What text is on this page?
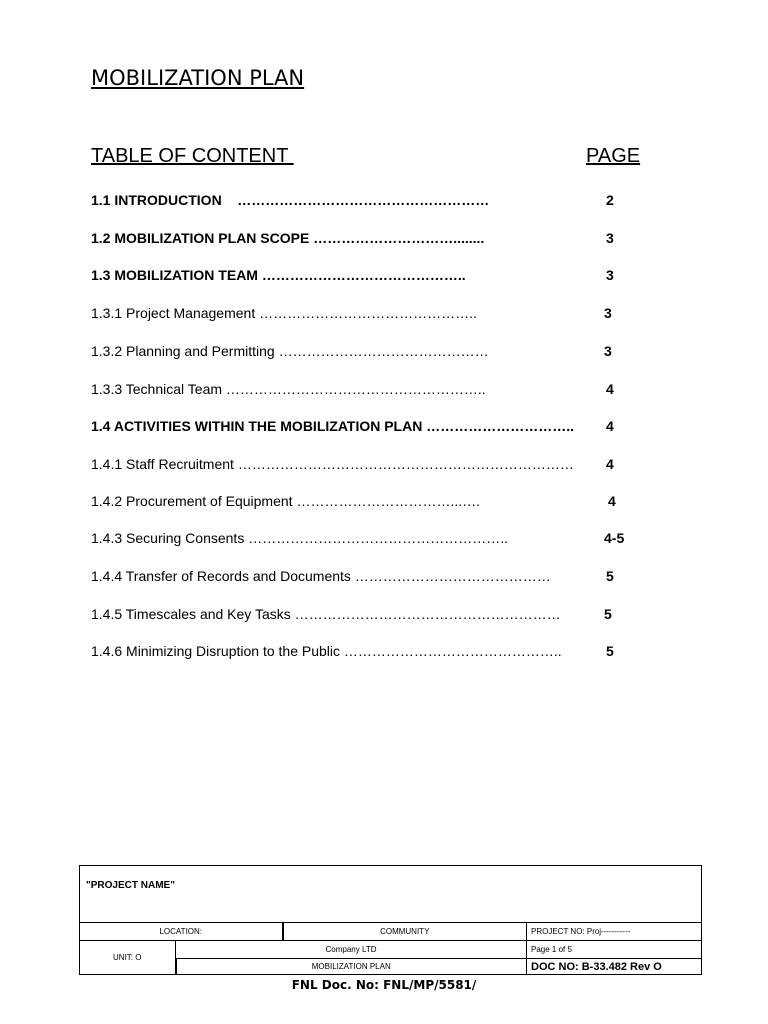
MOBILIZATION PLAN
TABLE OF CONTENT	PAGE
1.1 INTRODUCTION    ………………………………………………	2
1.2 MOBILIZATION PLAN SCOPE …………………………........	3
1.3 MOBILIZATION TEAM ……………………………………..	3
1.3.1 Project Management ………………………………………..	3
1.3.2 Planning and Permitting ………………………………………	3
1.3.3 Technical Team ………………………………………………..	4
1.4 ACTIVITIES WITHIN THE MOBILIZATION PLAN ………………………….. 4
1.4.1 Staff Recruitment ……………………………………………………………… 4
1.4.2 Procurement of Equipment ……………………………...….	4
1.4.3 Securing Consents ………………………………………………..	4-5
1.4.4 Transfer of Records and Documents ……………………………………	5
1.4.5 Timescales and Key Tasks …………………………………………………	5
1.4.6 Minimizing Disruption to the Public ………………………………………..	5
"PROJECT NAME"			
LOCATION:		COMMUNITY	PROJECT NO: Proj-----------
UNIT: O	Company LTD		Page 1 of 5
	MOBILIZATION PLAN		DOC NO: B-33.482 Rev O
FNL Doc. No: FNL/MP/5581/
